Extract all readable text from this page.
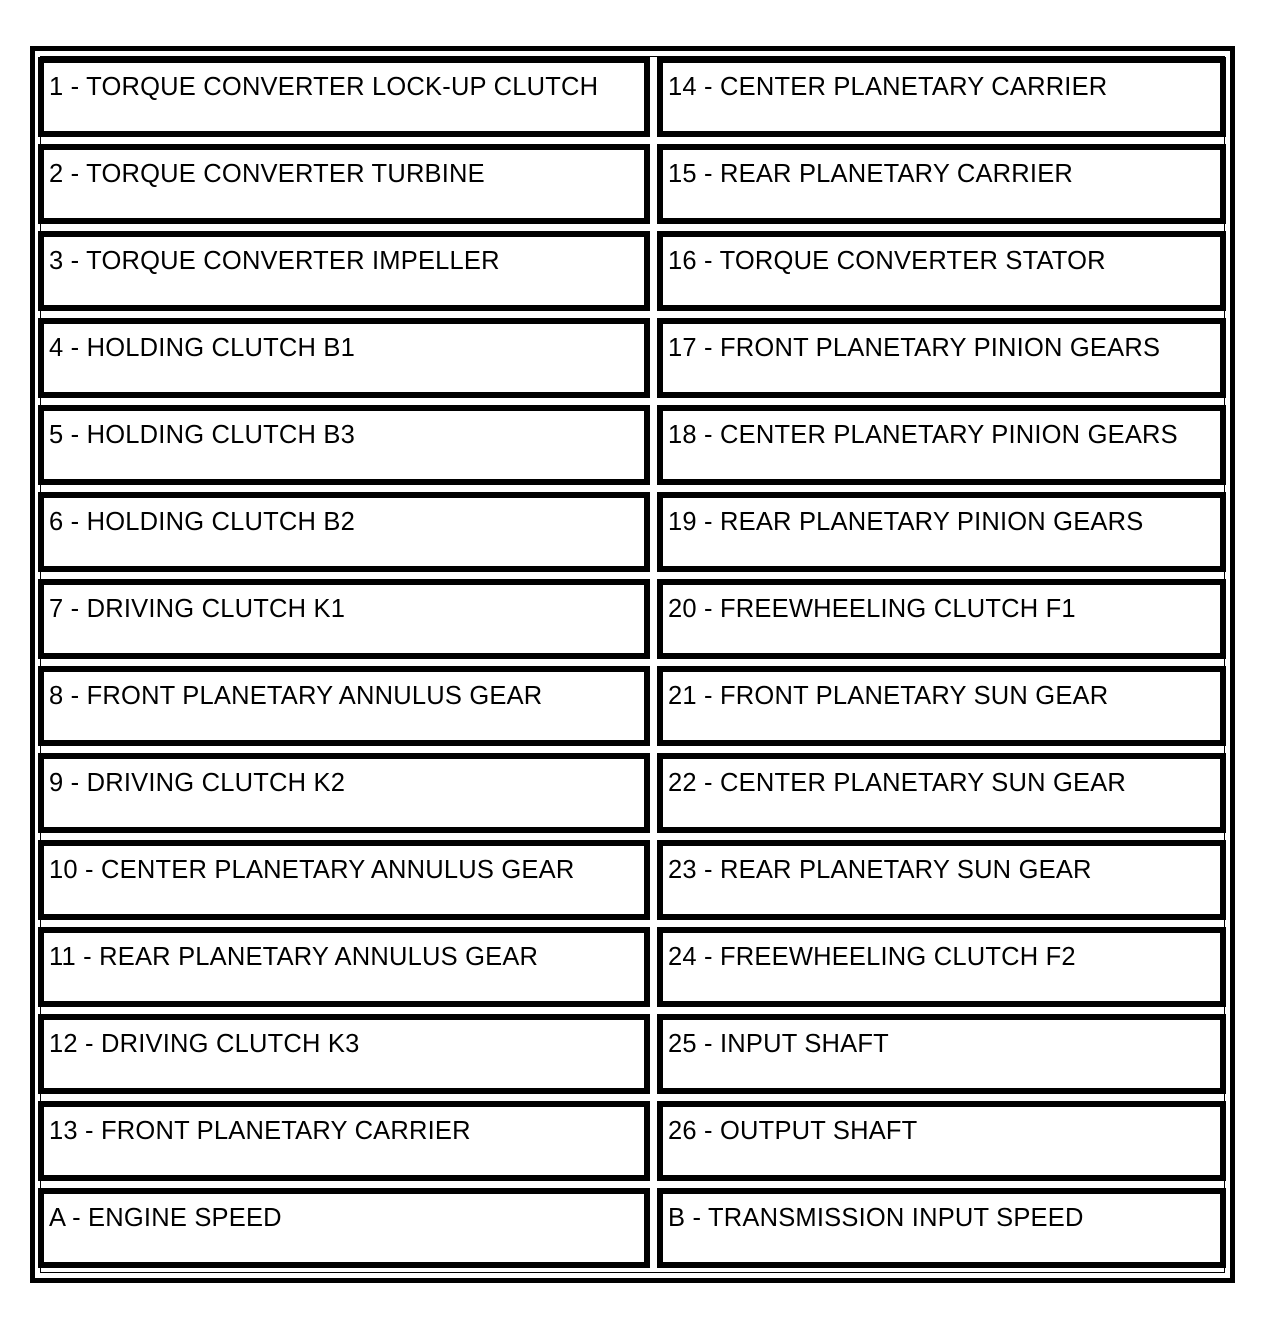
1 - TORQUE CONVERTER LOCK-UP CLUTCH	14 - CENTER PLANETARY CARRIER
2 - TORQUE CONVERTER TURBINE	15 - REAR PLANETARY CARRIER
3 - TORQUE CONVERTER IMPELLER	16 - TORQUE CONVERTER STATOR
4 - HOLDING CLUTCH B1	17 - FRONT PLANETARY PINION GEARS
5 - HOLDING CLUTCH B3	18 - CENTER PLANETARY PINION GEARS
6 - HOLDING CLUTCH B2	19 - REAR PLANETARY PINION GEARS
7 - DRIVING CLUTCH K1	20 - FREEWHEELING CLUTCH F1
8 - FRONT PLANETARY ANNULUS GEAR	21 - FRONT PLANETARY SUN GEAR
9 - DRIVING CLUTCH K2	22 - CENTER PLANETARY SUN GEAR
10 - CENTER PLANETARY ANNULUS GEAR	23 - REAR PLANETARY SUN GEAR
11 - REAR PLANETARY ANNULUS GEAR	24 - FREEWHEELING CLUTCH F2
12 - DRIVING CLUTCH K3	25 - INPUT SHAFT
13 - FRONT PLANETARY CARRIER	26 - OUTPUT SHAFT
A - ENGINE SPEED	B - TRANSMISSION INPUT SPEED
